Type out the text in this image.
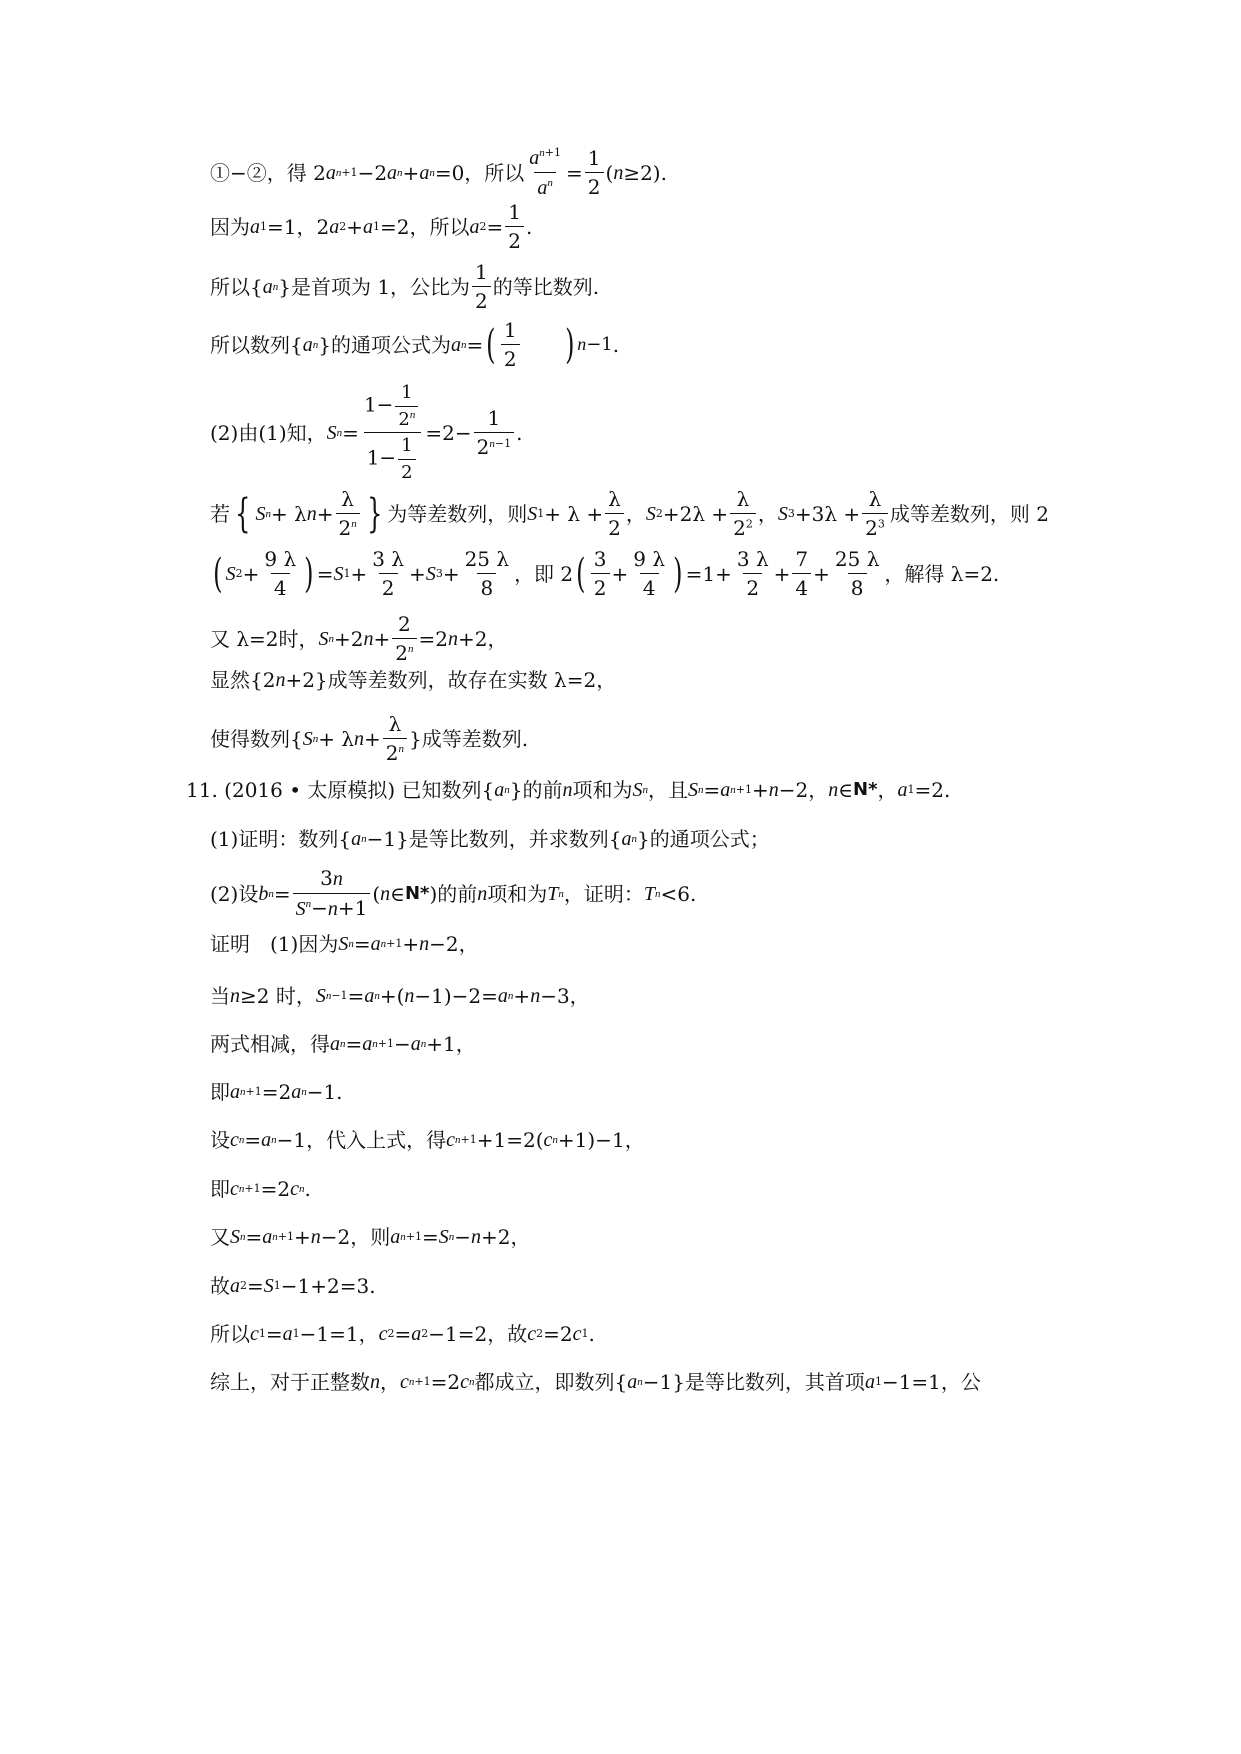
①−②，得 2 a n+1 −2 a n + a n =0，所以 $\frac{a^{n+1}}{a^n} = \frac{1}{2}$ ( n ≥2).
因为 a 1 =1，2 a 2 + a 1 =2，所以 a $2 = \frac{1}{2}$ .
所以{ a n }是首项为 1，公比为 $\frac{1}{2}$ 的等比数列.
所以数列{ a n }的通项公式为 a n = ( $\frac{1}{2}$ ) n−1 .
(2)由(1)知， S $n = \frac{1- \frac{1}{2^n}}{1- \frac{1}{2}} =2- \frac{1}{2^{n-1}}$ .
若 { S n + λ $n + \frac{\lambda}{2^n}$ } 为等差数列，则 S $1 + \lambda + \frac{\lambda}{2}$ ， S $2 +2\lambda + \frac{\lambda}{2^2}$ ， S $3 +3\lambda + \frac{\lambda}{2^3}$ 成等差数列，则 2
( S $2 + \frac{9 \lambda}{4}$ ) = S $1 + \frac{3 \lambda}{2} + S$ $3 + \frac{25 \lambda}{8}$ ，即 2 ( $\frac{3}{2} + \frac{9 \lambda}{4}$ ) $=1+ \frac{3 \lambda}{2} + \frac{7}{4} + \frac{25 \lambda}{8}$ ，解得 λ=2.
又 λ=2 时， S n +2 $n + \frac{2}{2^n} =2$ n +2，
显然{2 n +2}成等差数列，故存在实数 λ=2，
使得数列{ S n + λ $n + \frac{\lambda}{2^n}$ }成等差数列.
11. (2016 • 太原模拟) 已知数列{ a n }的前 n 项和为 S n ，且 S n = a n+1 + n −2， n ∈ N* ， a 1 =2.
(1)证明：数列{ a n −1}是等比数列，并求数列{ a n }的通项公式；
(2)设 b $n = \frac{3n}{S^n-n+1}$ ( n ∈ N* ) 的前 n 项和为 T n ，证明： T n <6.
证明　(1)因为 S n = a n+1 + n −2，
当 n ≥2 时， S n−1 = a n +( n −1)−2= a n + n −3，
两式相减，得 a n = a n+1 − a n +1，
即 a n+1 =2 a n −1.
设 c n = a n −1 ，代入上式，得 c n+1 +1=2( c n +1)−1，
即 c n+1 =2 c n .
又 S n = a n+1 + n −2 ，则 a n+1 = S n − n +2，
故 a 2 = S 1 −1+2=3.
所以 c 1 = a 1 −1=1， c 2 = a 2 −1=2 ，故 c 2 =2 c 1 .
综上，对于正整数 n ， c n+1 =2 c n 都成立，即数列{ a n −1}是等比数列，其首项 a 1 −1=1，公
